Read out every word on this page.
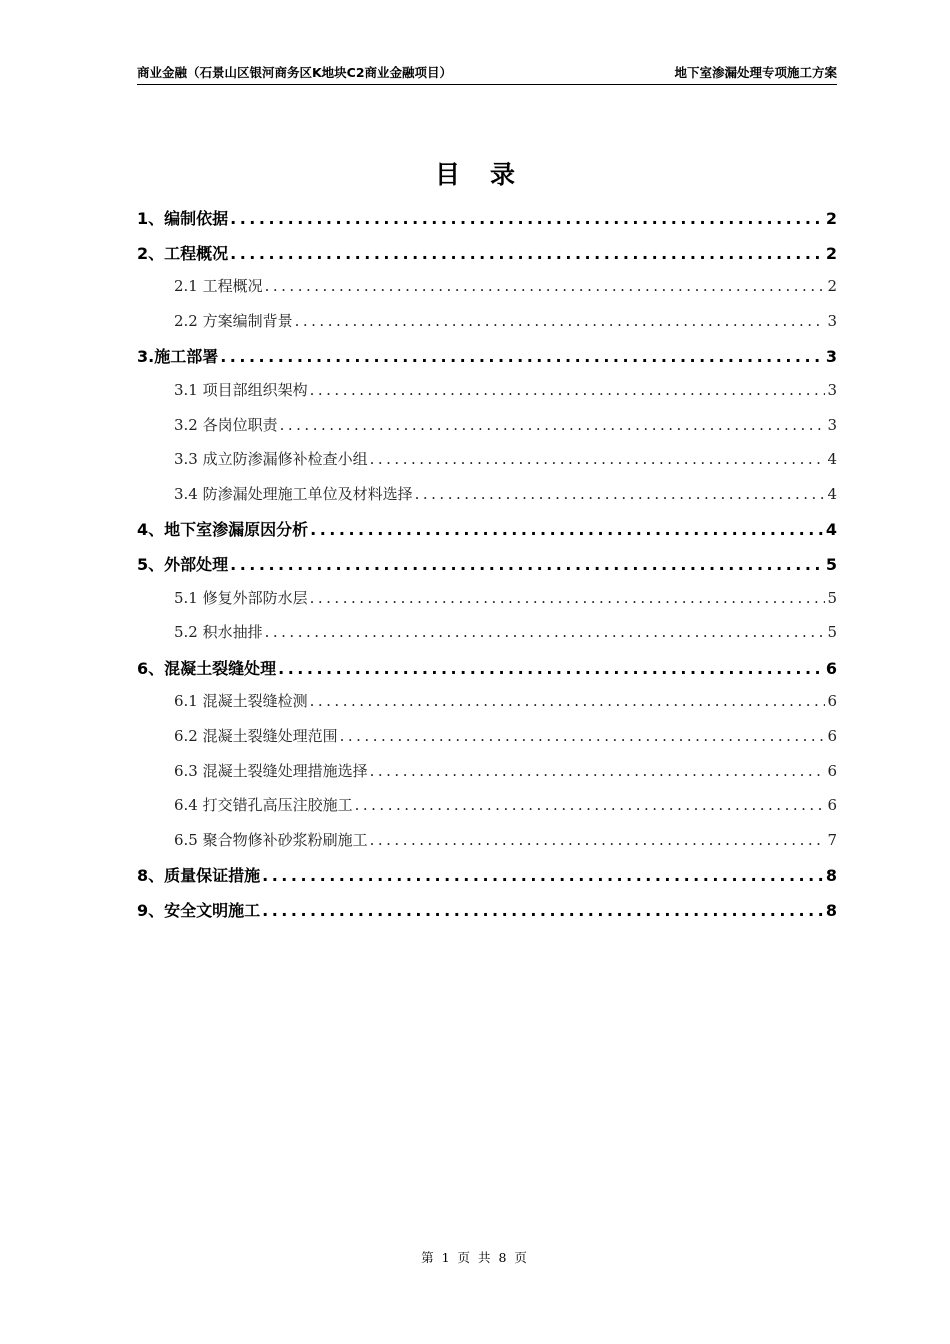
商业金融（石景山区银河商务区K地块C2商业金融项目）	地下室渗漏处理专项施工方案
目录
1、编制依据 .....	2
2、工程概况 .....	2
2.1 工程概况 .....	2
2.2 方案编制背景 .....	3
3.施工部署 .....	3
3.1 项目部组织架构 .....	3
3.2 各岗位职责 .....	3
3.3 成立防渗漏修补检查小组 .....	4
3.4 防渗漏处理施工单位及材料选择 .....	4
4、地下室渗漏原因分析 .....	4
5、外部处理 .....	5
5.1 修复外部防水层 .....	5
5.2 积水抽排 .....	5
6、混凝土裂缝处理 .....	6
6.1 混凝土裂缝检测 .....	6
6.2 混凝土裂缝处理范围 .....	6
6.3 混凝土裂缝处理措施选择 .....	6
6.4 打交错孔高压注胶施工 .....	6
6.5 聚合物修补砂浆粉刷施工 .....	7
8、质量保证措施 .....	8
9、安全文明施工 .....	8
第 1 页 共 8 页
